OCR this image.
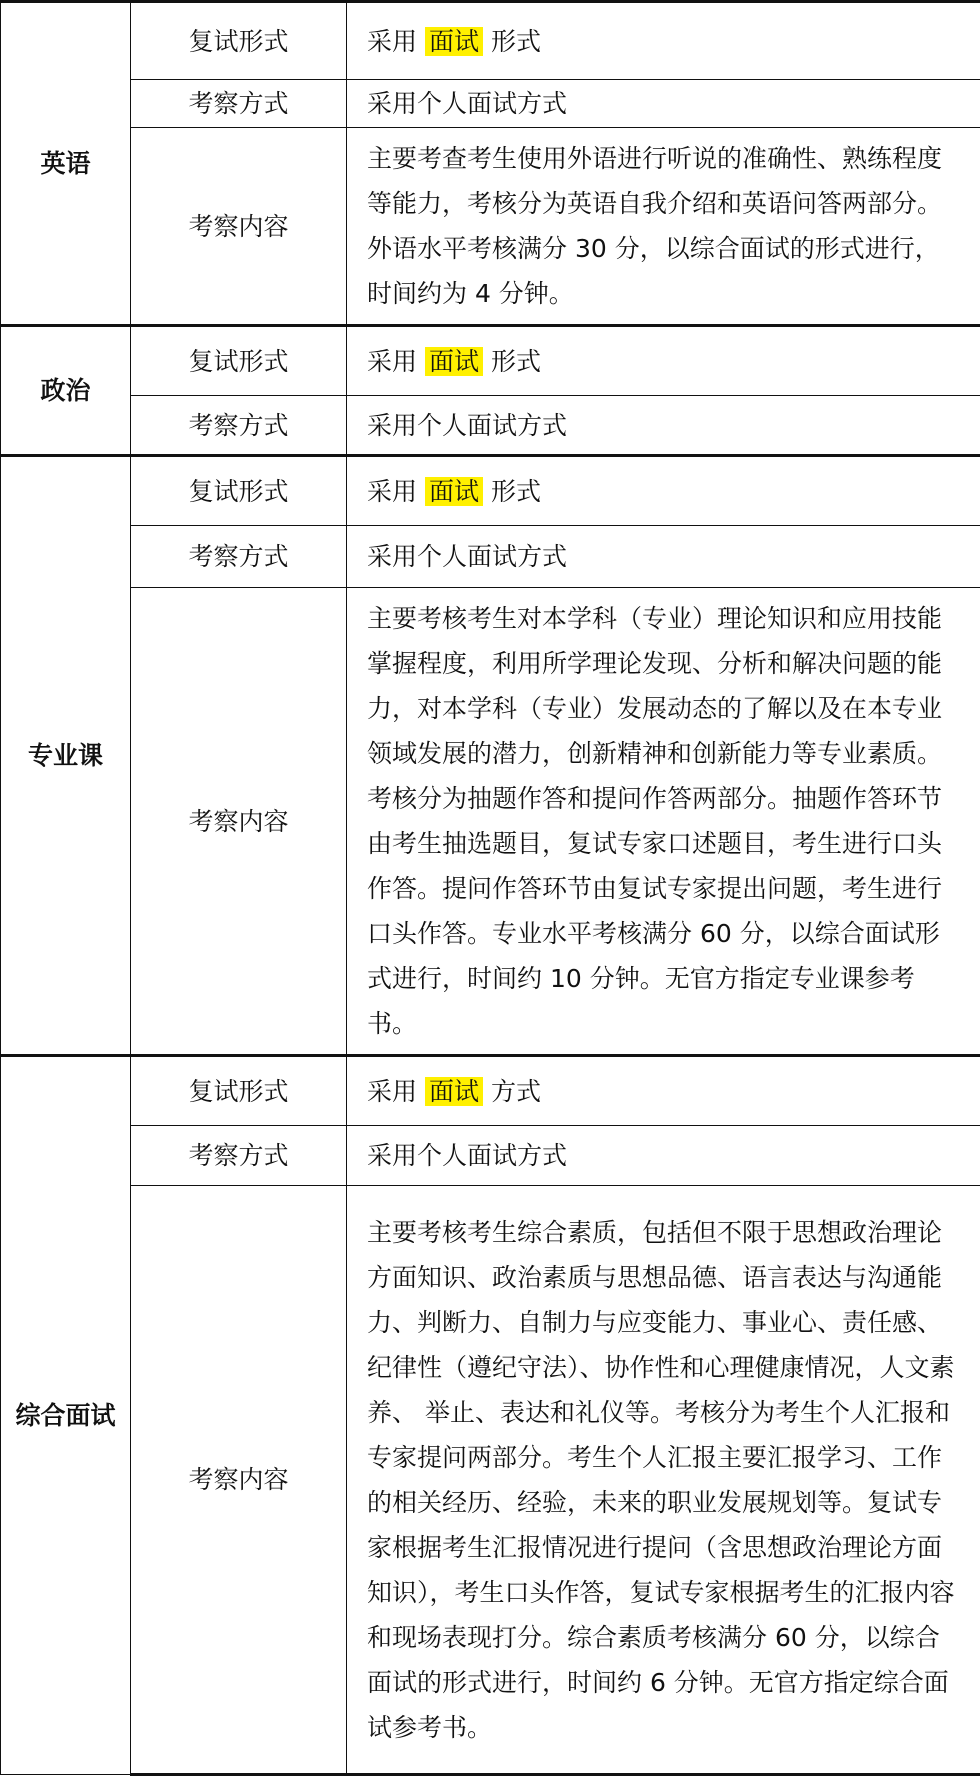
英语	复试形式	采用 面试 形式
	考察方式	采用个人面试方式
	考察内容	主要考查考生使用外语进行听说的准确性、熟练程度等能力，考核分为英语自我介绍和英语问答两部分。外语水平考核满分 30 分，以综合面试的形式进行，时间约为 4 分钟。

政治	复试形式	采用 面试 形式
	考察方式	采用个人面试方式
专业课	复试形式	采用 面试 形式
	考察方式	采用个人面试方式
	考察内容	主要考核考生对本学科（专业）理论知识和应用技能掌握程度，利用所学理论发现、分析和解决问题的能力，对本学科（专业）发展动态的了解以及在本专业领域发展的潜力，创新精神和创新能力等专业素质。考核分为抽题作答和提问作答两部分。抽题作答环节由考生抽选题目，复试专家口述题目，考生进行口头作答。提问作答环节由复试专家提出问题，考生进行口头作答。专业水平考核满分 60 分，以综合面试形式进行，时间约 10 分钟。无官方指定专业课参考书。

综合面试	复试形式	采用 面试 方式
	考察方式	采用个人面试方式
	考察内容	主要考核考生综合素质，包括但不限于思想政治理论方面知识、政治素质与思想品德、语言表达与沟通能力、判断力、自制力与应变能力、事业心、责任感、纪律性（遵纪守法）、协作性和心理健康情况，人文素养、 举止、表达和礼仪等。考核分为考生个人汇报和专家提问两部分。考生个人汇报主要汇报学习、工作的相关经历、经验，未来的职业发展规划等。复试专家根据考生汇报情况进行提问（含思想政治理论方面知识），考生口头作答，复试专家根据考生的汇报内容和现场表现打分。综合素质考核满分 60 分，以综合面试的形式进行，时间约 6 分钟。无官方指定综合面试参考书。
